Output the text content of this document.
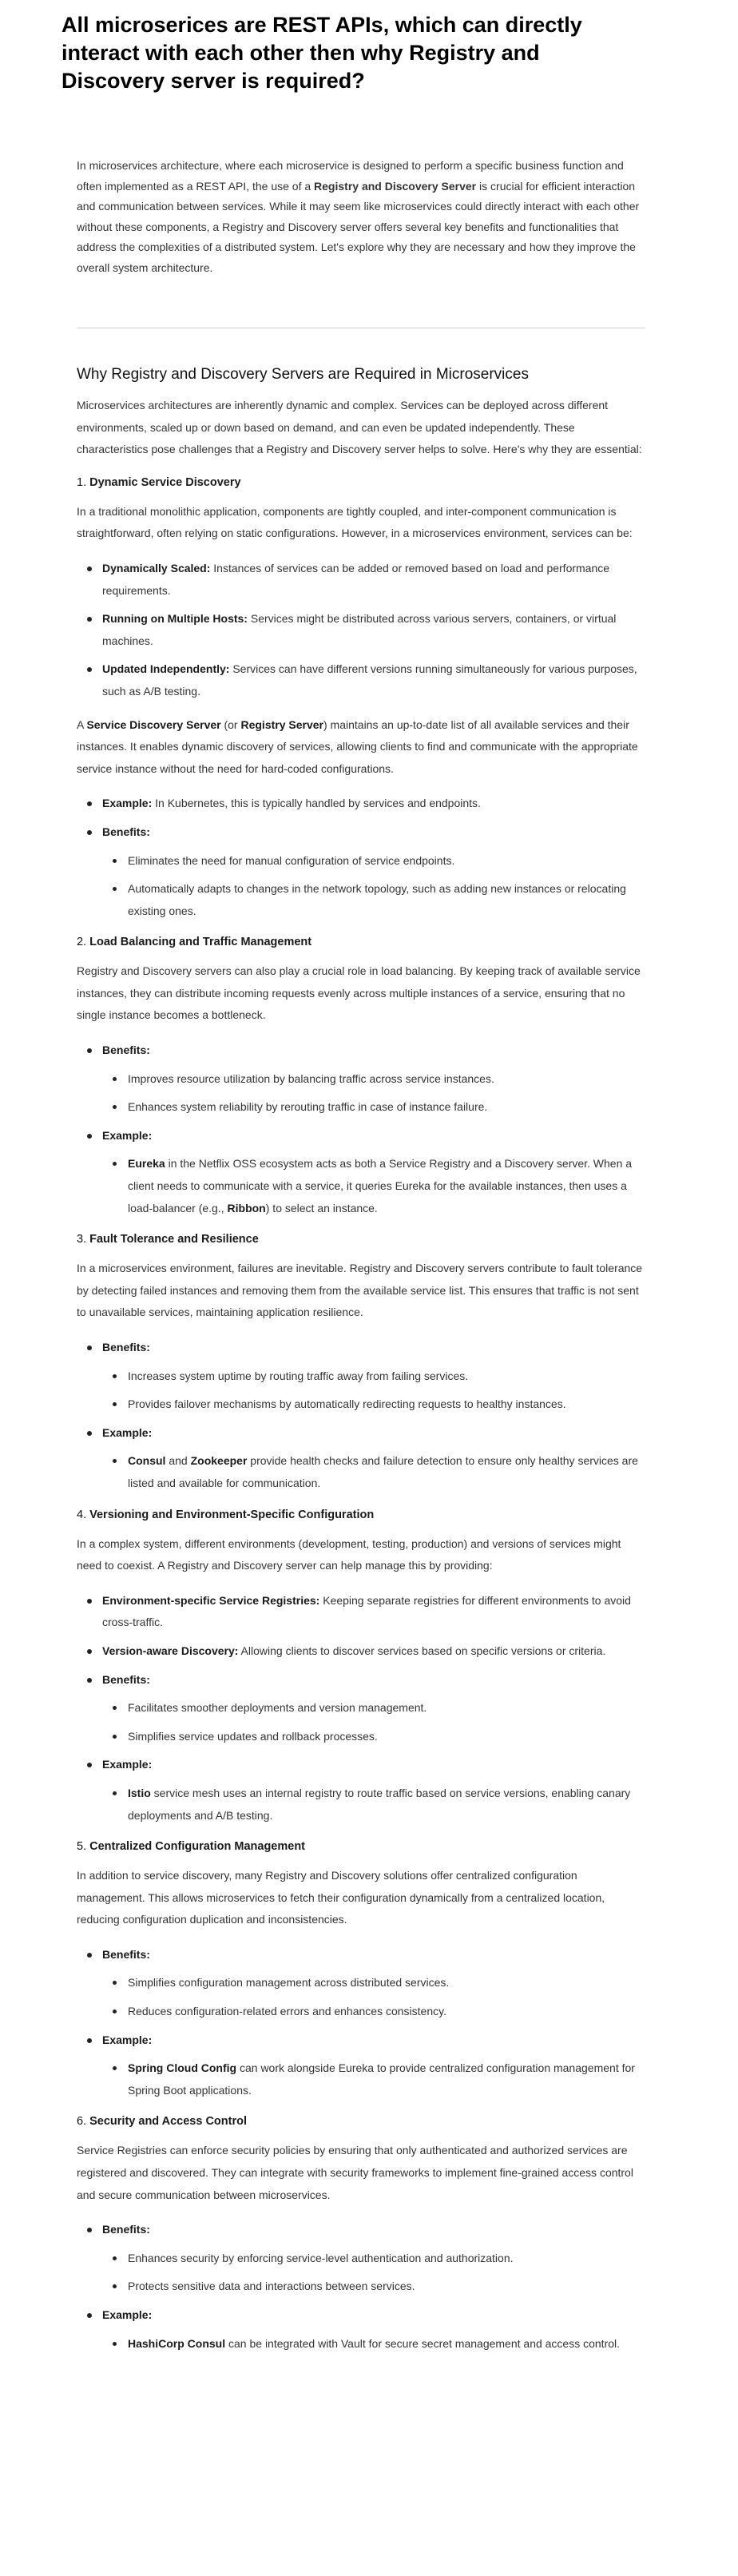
All microserices are REST APIs, which can directly interact with each other then why Registry and Discovery server is required?

In microservices architecture, where each microservice is designed to perform a specific business function and often implemented as a REST API, the use of a Registry and Discovery Server is crucial for efficient interaction and communication between services. While it may seem like microservices could directly interact with each other without these components, a Registry and Discovery server offers several key benefits and functionalities that address the complexities of a distributed system. Let's explore why they are necessary and how they improve the overall system architecture.

Why Registry and Discovery Servers are Required in Microservices

Microservices architectures are inherently dynamic and complex. Services can be deployed across different environments, scaled up or down based on demand, and can even be updated independently. These characteristics pose challenges that a Registry and Discovery server helps to solve. Here's why they are essential:

1. Dynamic Service Discovery

In a traditional monolithic application, components are tightly coupled, and inter-component communication is straightforward, often relying on static configurations. However, in a microservices environment, services can be:

Dynamically Scaled: Instances of services can be added or removed based on load and performance requirements.
Running on Multiple Hosts: Services might be distributed across various servers, containers, or virtual machines.
Updated Independently: Services can have different versions running simultaneously for various purposes, such as A/B testing.

A Service Discovery Server (or Registry Server) maintains an up-to-date list of all available services and their instances. It enables dynamic discovery of services, allowing clients to find and communicate with the appropriate service instance without the need for hard-coded configurations.

Example: In Kubernetes, this is typically handled by services and endpoints.
Benefits:
Eliminates the need for manual configuration of service endpoints.
Automatically adapts to changes in the network topology, such as adding new instances or relocating existing ones.
2. Load Balancing and Traffic Management

Registry and Discovery servers can also play a crucial role in load balancing. By keeping track of available service instances, they can distribute incoming requests evenly across multiple instances of a service, ensuring that no single instance becomes a bottleneck.

Benefits:
Improves resource utilization by balancing traffic across service instances.
Enhances system reliability by rerouting traffic in case of instance failure.
Example:
Eureka in the Netflix OSS ecosystem acts as both a Service Registry and a Discovery server. When a client needs to communicate with a service, it queries Eureka for the available instances, then uses a load-balancer (e.g., Ribbon) to select an instance.
3. Fault Tolerance and Resilience

In a microservices environment, failures are inevitable. Registry and Discovery servers contribute to fault tolerance by detecting failed instances and removing them from the available service list. This ensures that traffic is not sent to unavailable services, maintaining application resilience.

Benefits:
Increases system uptime by routing traffic away from failing services.
Provides failover mechanisms by automatically redirecting requests to healthy instances.
Example:
Consul and Zookeeper provide health checks and failure detection to ensure only healthy services are listed and available for communication.
4. Versioning and Environment-Specific Configuration

In a complex system, different environments (development, testing, production) and versions of services might need to coexist. A Registry and Discovery server can help manage this by providing:

Environment-specific Service Registries: Keeping separate registries for different environments to avoid cross-traffic.
Version-aware Discovery: Allowing clients to discover services based on specific versions or criteria.
Benefits:
Facilitates smoother deployments and version management.
Simplifies service updates and rollback processes.
Example:
Istio service mesh uses an internal registry to route traffic based on service versions, enabling canary deployments and A/B testing.
5. Centralized Configuration Management

In addition to service discovery, many Registry and Discovery solutions offer centralized configuration management. This allows microservices to fetch their configuration dynamically from a centralized location, reducing configuration duplication and inconsistencies.

Benefits:
Simplifies configuration management across distributed services.
Reduces configuration-related errors and enhances consistency.
Example:
Spring Cloud Config can work alongside Eureka to provide centralized configuration management for Spring Boot applications.
6. Security and Access Control

Service Registries can enforce security policies by ensuring that only authenticated and authorized services are registered and discovered. They can integrate with security frameworks to implement fine-grained access control and secure communication between microservices.

Benefits:
Enhances security by enforcing service-level authentication and authorization.
Protects sensitive data and interactions between services.
Example:
HashiCorp Consul can be integrated with Vault for secure secret management and access control.
